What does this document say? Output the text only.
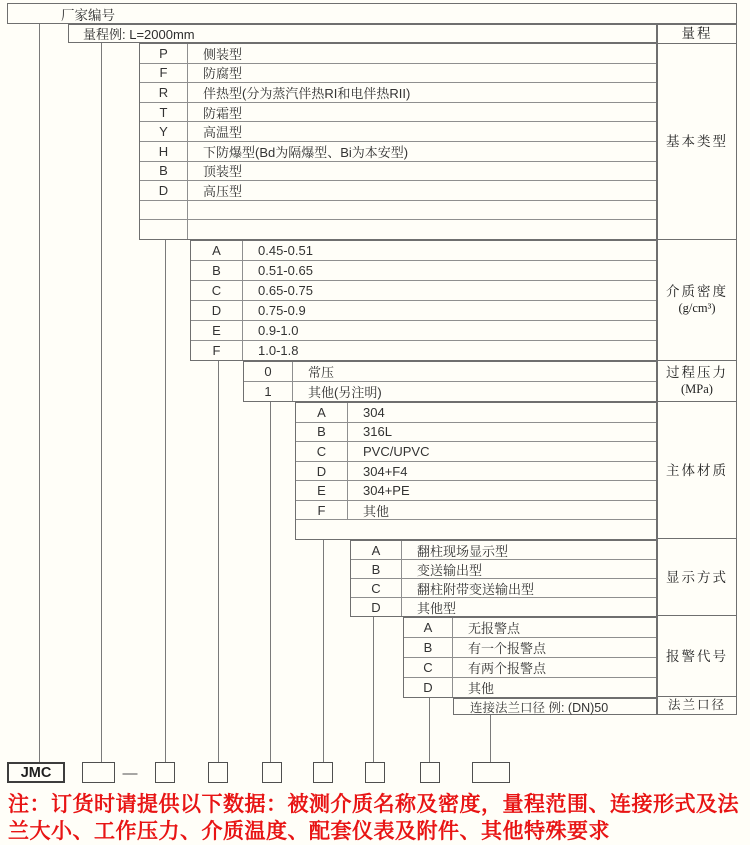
厂家编号
量程例: L=2000mm
P	侧装型
F	防腐型
R	伴热型(分为蒸汽伴热RI和电伴热RII)
T	防霜型
Y	高温型
H	下防爆型(Bd为隔爆型、Bi为本安型)
B	顶装型
D	高压型
A	0.45-0.51
B	0.51-0.65
C	0.65-0.75
D	0.75-0.9
E	0.9-1.0
F	1.0-1.8
0	常压
1	其他(另注明)
A	304
B	316L
C	PVC/UPVC
D	304+F4
E	304+PE
F	其他
A	翻柱现场显示型
B	变送输出型
C	翻柱附带变送输出型
D	其他型
A	无报警点
B	有一个报警点
C	有两个报警点
D	其他
连接法兰口径 例: (DN)50
量程
基本类型
介质密度
(g/cm³)
过程压力
(MPa)
主体材质
显示方式
报警代号
法兰口径
JMC	—
注：订货时请提供以下数据：被测介质名称及密度，量程范围、连接形式及法兰大小、工作压力、介质温度、配套仪表及附件、其他特殊要求
